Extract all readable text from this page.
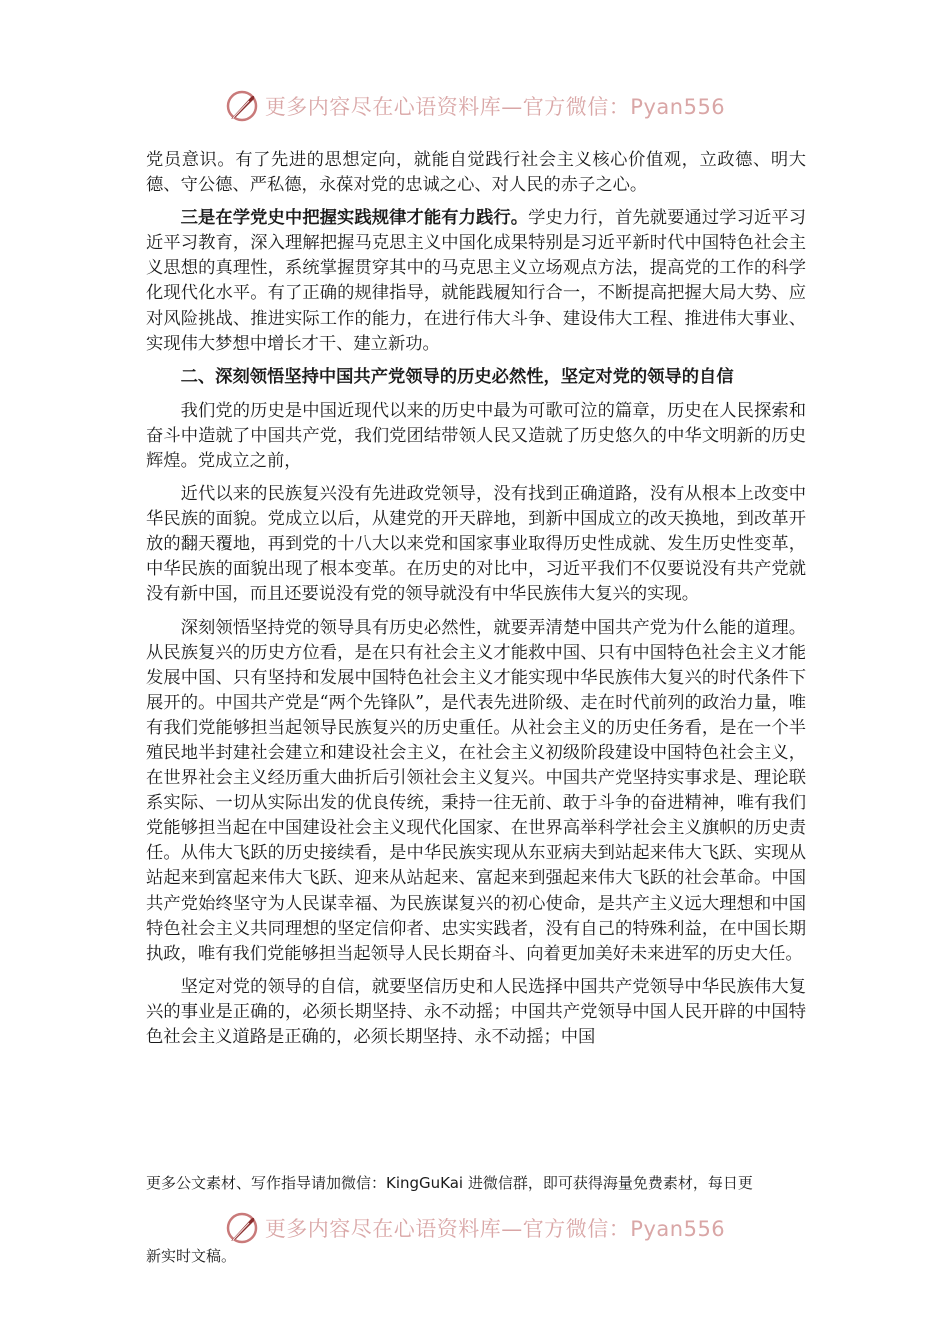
更多内容尽在心语资料库—官方微信：Pyan556

党员意识。有了先进的思想定向，就能自觉践行社会主义核心价值观，立政德、明大德、守公德、严私德，永葆对党的忠诚之心、对人民的赤子之心。

三是在学党史中把握实践规律才能有力践行。学史力行，首先就要通过学习近平习近平习教育，深入理解把握马克思主义中国化成果特别是习近平新时代中国特色社会主义思想的真理性，系统掌握贯穿其中的马克思主义立场观点方法，提高党的工作的科学化现代化水平。有了正确的规律指导，就能践履知行合一，不断提高把握大局大势、应对风险挑战、推进实际工作的能力，在进行伟大斗争、建设伟大工程、推进伟大事业、实现伟大梦想中增长才干、建立新功。

二、深刻领悟坚持中国共产党领导的历史必然性，坚定对党的领导的自信

我们党的历史是中国近现代以来的历史中最为可歌可泣的篇章，历史在人民探索和奋斗中造就了中国共产党，我们党团结带领人民又造就了历史悠久的中华文明新的历史辉煌。党成立之前，

近代以来的民族复兴没有先进政党领导，没有找到正确道路，没有从根本上改变中华民族的面貌。党成立以后，从建党的开天辟地，到新中国成立的改天换地，到改革开放的翻天覆地，再到党的十八大以来党和国家事业取得历史性成就、发生历史性变革，中华民族的面貌出现了根本变革。在历史的对比中，习近平我们不仅要说没有共产党就没有新中国，而且还要说没有党的领导就没有中华民族伟大复兴的实现。

深刻领悟坚持党的领导具有历史必然性，就要弄清楚中国共产党为什么能的道理。从民族复兴的历史方位看，是在只有社会主义才能救中国、只有中国特色社会主义才能发展中国、只有坚持和发展中国特色社会主义才能实现中华民族伟大复兴的时代条件下展开的。中国共产党是“两个先锋队”，是代表先进阶级、走在时代前列的政治力量，唯有我们党能够担当起领导民族复兴的历史重任。从社会主义的历史任务看，是在一个半殖民地半封建社会建立和建设社会主义，在社会主义初级阶段建设中国特色社会主义，在世界社会主义经历重大曲折后引领社会主义复兴。中国共产党坚持实事求是、理论联系实际、一切从实际出发的优良传统，秉持一往无前、敢于斗争的奋进精神，唯有我们党能够担当起在中国建设社会主义现代化国家、在世界高举科学社会主义旗帜的历史责任。从伟大飞跃的历史接续看，是中华民族实现从东亚病夫到站起来伟大飞跃、实现从站起来到富起来伟大飞跃、迎来从站起来、富起来到强起来伟大飞跃的社会革命。中国共产党始终坚守为人民谋幸福、为民族谋复兴的初心使命，是共产主义远大理想和中国特色社会主义共同理想的坚定信仰者、忠实实践者，没有自己的特殊利益，在中国长期执政，唯有我们党能够担当起领导人民长期奋斗、向着更加美好未来进军的历史大任。

坚定对党的领导的自信，就要坚信历史和人民选择中国共产党领导中华民族伟大复兴的事业是正确的，必须长期坚持、永不动摇；中国共产党领导中国人民开辟的中国特色社会主义道路是正确的，必须长期坚持、永不动摇；中国

更多公文素材、写作指导请加微信：KingGuKai 进微信群，即可获得海量免费素材，每日更
更多内容尽在心语资料库—官方微信：Pyan556
新实时文稿。
